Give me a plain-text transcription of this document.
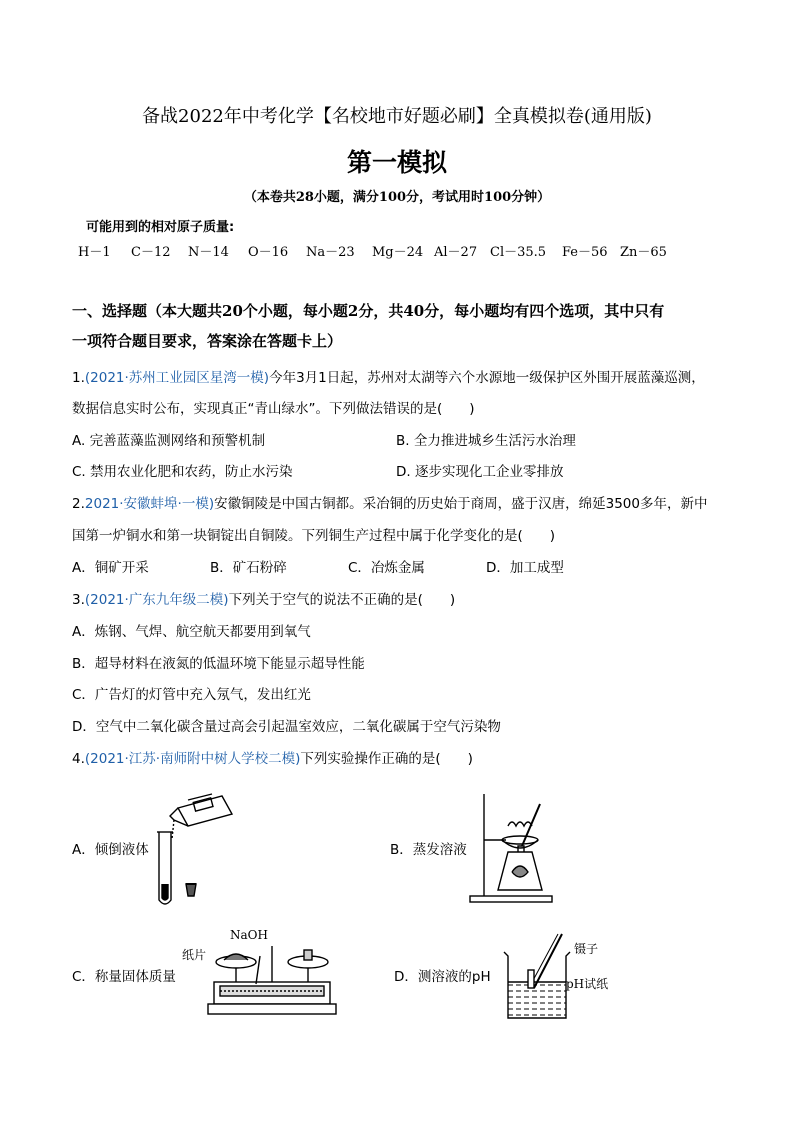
备战2022年中考化学【名校地市好题必刷】全真模拟卷(通用版)
第一模拟
（本卷共28小题，满分100分，考试用时100分钟）
可能用到的相对原子质量:
H－1 C－12 N－14 O－16 Na－23 Mg－24 Al－27 Cl－35.5 Fe－56 Zn－65
一、选择题（本大题共20个小题，每小题2分，共40分，每小题均有四个选项，其中只有
一项符合题目要求，答案涂在答题卡上）
1.(2021·苏州工业园区星湾一模)今年3月1日起，苏州对太湖等六个水源地一级保护区外围开展蓝藻巡测，
数据信息实时公布，实现真正“青山绿水”。下列做法错误的是(　　)
A. 完善蓝藻监测网络和预警机制	B. 全力推进城乡生活污水治理
C. 禁用农业化肥和农药，防止水污染	D. 逐步实现化工企业零排放
2.2021·安徽蚌埠·一模)安徽铜陵是中国古铜都。采冶铜的历史始于商周，盛于汉唐，绵延3500多年，新中
国第一炉铜水和第一块铜锭出自铜陵。下列铜生产过程中属于化学变化的是(　　)
A．铜矿开采	B．矿石粉碎	C．冶炼金属	D．加工成型
3.(2021·广东九年级二模)下列关于空气的说法不正确的是(　　)
A．炼钢、气焊、航空航天都要用到氧气
B．超导材料在液氮的低温环境下能显示超导性能
C．广告灯的灯管中充入氖气，发出红光
D．空气中二氧化碳含量过高会引起温室效应，二氧化碳属于空气污染物
4.(2021·江苏·南师附中树人学校二模)下列实验操作正确的是(　　)
A．倾倒液体	B．蒸发溶液
C．称量固体质量	D．测溶液的pH
NaOH
纸片	镊子
pH试纸
